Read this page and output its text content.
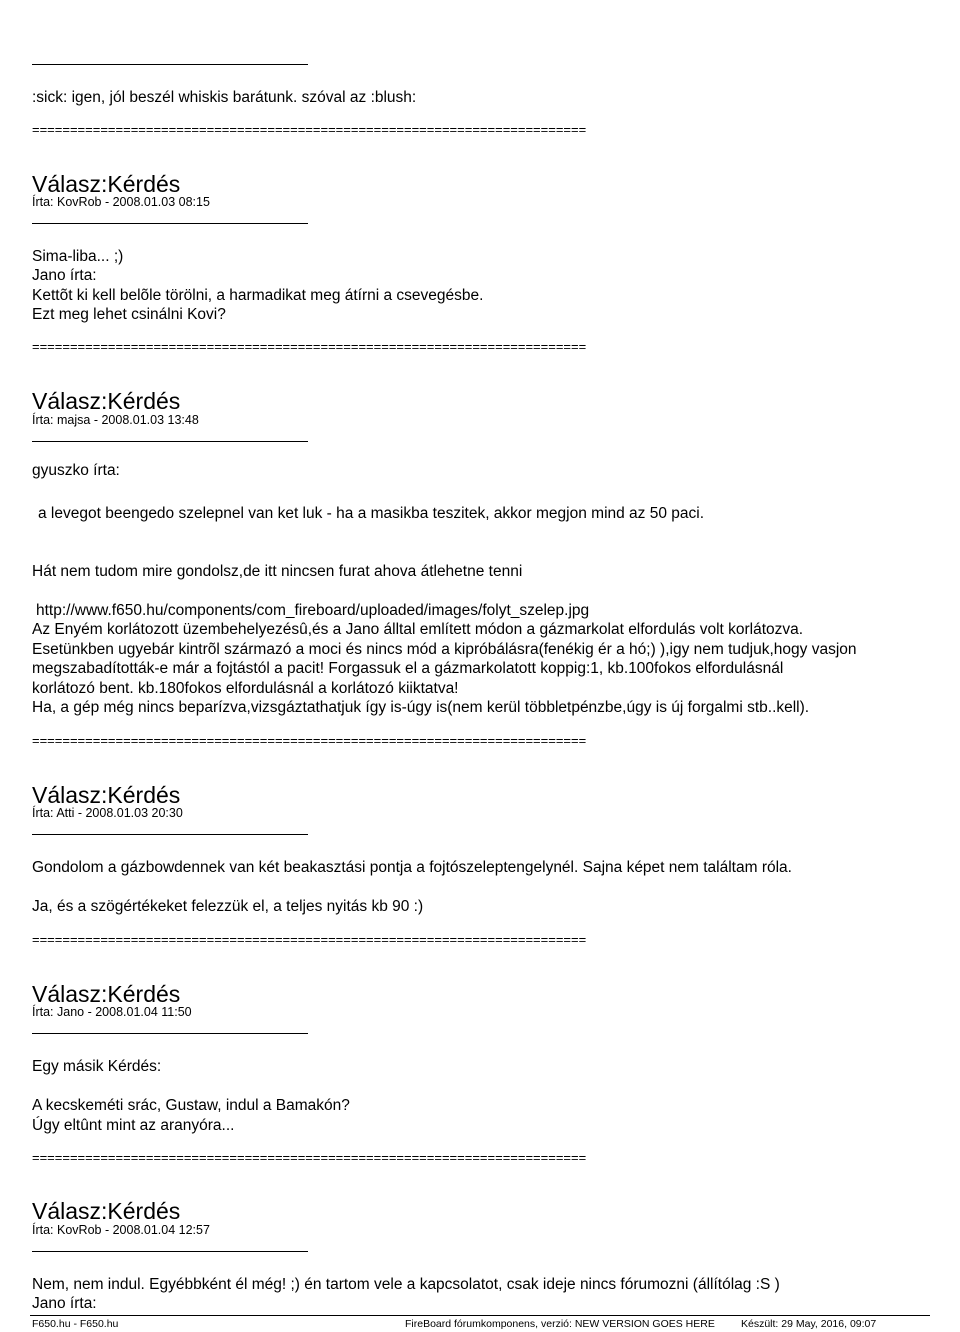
:sick: igen, jól beszél whiskis barátunk. szóval az :blush:
=========================================================================
Válasz:Kérdés
Írta: KovRob - 2008.01.03 08:15
Sima-liba... ;)
Jano írta:
Kettõt ki kell belõle törölni, a harmadikat meg átírni a csevegésbe.
Ezt meg lehet csinálni Kovi?
=========================================================================
Válasz:Kérdés
Írta: majsa - 2008.01.03 13:48
gyuszko írta:
a levegot beengedo szelepnel van ket luk - ha a masikba teszitek, akkor megjon mind az 50 paci.
Hát nem tudom mire gondolsz,de itt nincsen furat ahova átlehetne tenni
http://www.f650.hu/components/com_fireboard/uploaded/images/folyt_szelep.jpg
Az Enyém korlátozott üzembehelyezésû,és a Jano álltal említett módon a gázmarkolat elfordulás volt korlátozva.
Esetünkben ugyebár kintrõl származó a moci és nincs mód a kipróbálásra(fenékig ér a hó;) ),igy nem tudjuk,hogy vasjon
megszabadították-e már a fojtástól a pacit! Forgassuk el a gázmarkolatott koppig:1, kb.100fokos elfordulásnál
korlátozó bent. kb.180fokos elfordulásnál a korlátozó kiiktatva!
Ha, a gép még nincs beparízva,vizsgáztathatjuk így is-úgy is(nem kerül többletpénzbe,úgy is új forgalmi stb..kell).
=========================================================================
Válasz:Kérdés
Írta: Atti - 2008.01.03 20:30
Gondolom a gázbowdennek van két beakasztási pontja a fojtószeleptengelynél. Sajna képet nem találtam róla.
Ja, és a szögértékeket felezzük el, a teljes nyitás kb 90 :)
=========================================================================
Válasz:Kérdés
Írta: Jano - 2008.01.04 11:50
Egy másik Kérdés:
A kecskeméti srác, Gustaw, indul a Bamakón?
Úgy eltûnt mint az aranyóra...
=========================================================================
Válasz:Kérdés
Írta: KovRob - 2008.01.04 12:57
Nem, nem indul. Egyébbként él még! ;) én tartom vele a kapcsolatot, csak ideje nincs fórumozni (állítólag :S )
Jano írta:
F650.hu - F650.hu	FireBoard fórumkomponens, verzió: NEW VERSION GOES HERE Készült: 29 May, 2016, 09:07
